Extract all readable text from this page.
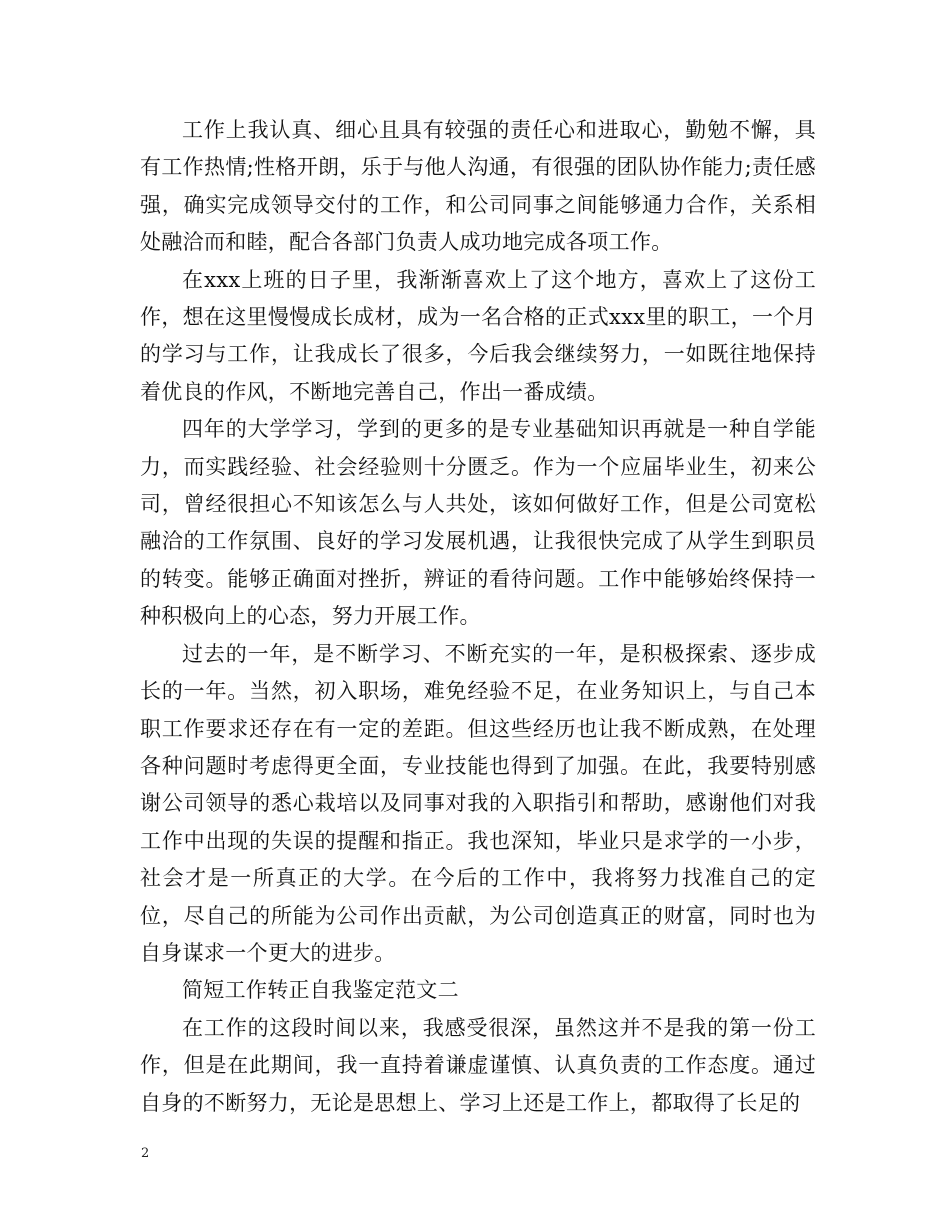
工作上我认真、细心且具有较强的责任心和进取心，勤勉不懈，具有工作热情;性格开朗，乐于与他人沟通，有很强的团队协作能力;责任感强，确实完成领导交付的工作，和公司同事之间能够通力合作，关系相处融洽而和睦，配合各部门负责人成功地完成各项工作。

在xxx上班的日子里，我渐渐喜欢上了这个地方，喜欢上了这份工作，想在这里慢慢成长成材，成为一名合格的正式xxx里的职工，一个月的学习与工作，让我成长了很多，今后我会继续努力，一如既往地保持着优良的作风，不断地完善自己，作出一番成绩。

四年的大学学习，学到的更多的是专业基础知识再就是一种自学能力，而实践经验、社会经验则十分匮乏。作为一个应届毕业生，初来公司，曾经很担心不知该怎么与人共处，该如何做好工作，但是公司宽松融洽的工作氛围、良好的学习发展机遇，让我很快完成了从学生到职员的转变。能够正确面对挫折，辨证的看待问题。工作中能够始终保持一种积极向上的心态，努力开展工作。

过去的一年，是不断学习、不断充实的一年，是积极探索、逐步成长的一年。当然，初入职场，难免经验不足，在业务知识上，与自己本职工作要求还存在有一定的差距。但这些经历也让我不断成熟，在处理各种问题时考虑得更全面，专业技能也得到了加强。在此，我要特别感谢公司领导的悉心栽培以及同事对我的入职指引和帮助，感谢他们对我工作中出现的失误的提醒和指正。我也深知，毕业只是求学的一小步，社会才是一所真正的大学。在今后的工作中，我将努力找准自己的定位，尽自己的所能为公司作出贡献，为公司创造真正的财富，同时也为自身谋求一个更大的进步。

简短工作转正自我鉴定范文二

在工作的这段时间以来，我感受很深，虽然这并不是我的第一份工作，但是在此期间，我一直持着谦虚谨慎、认真负责的工作态度。通过自身的不断努力，无论是思想上、学习上还是工作上，都取得了长足的

2
